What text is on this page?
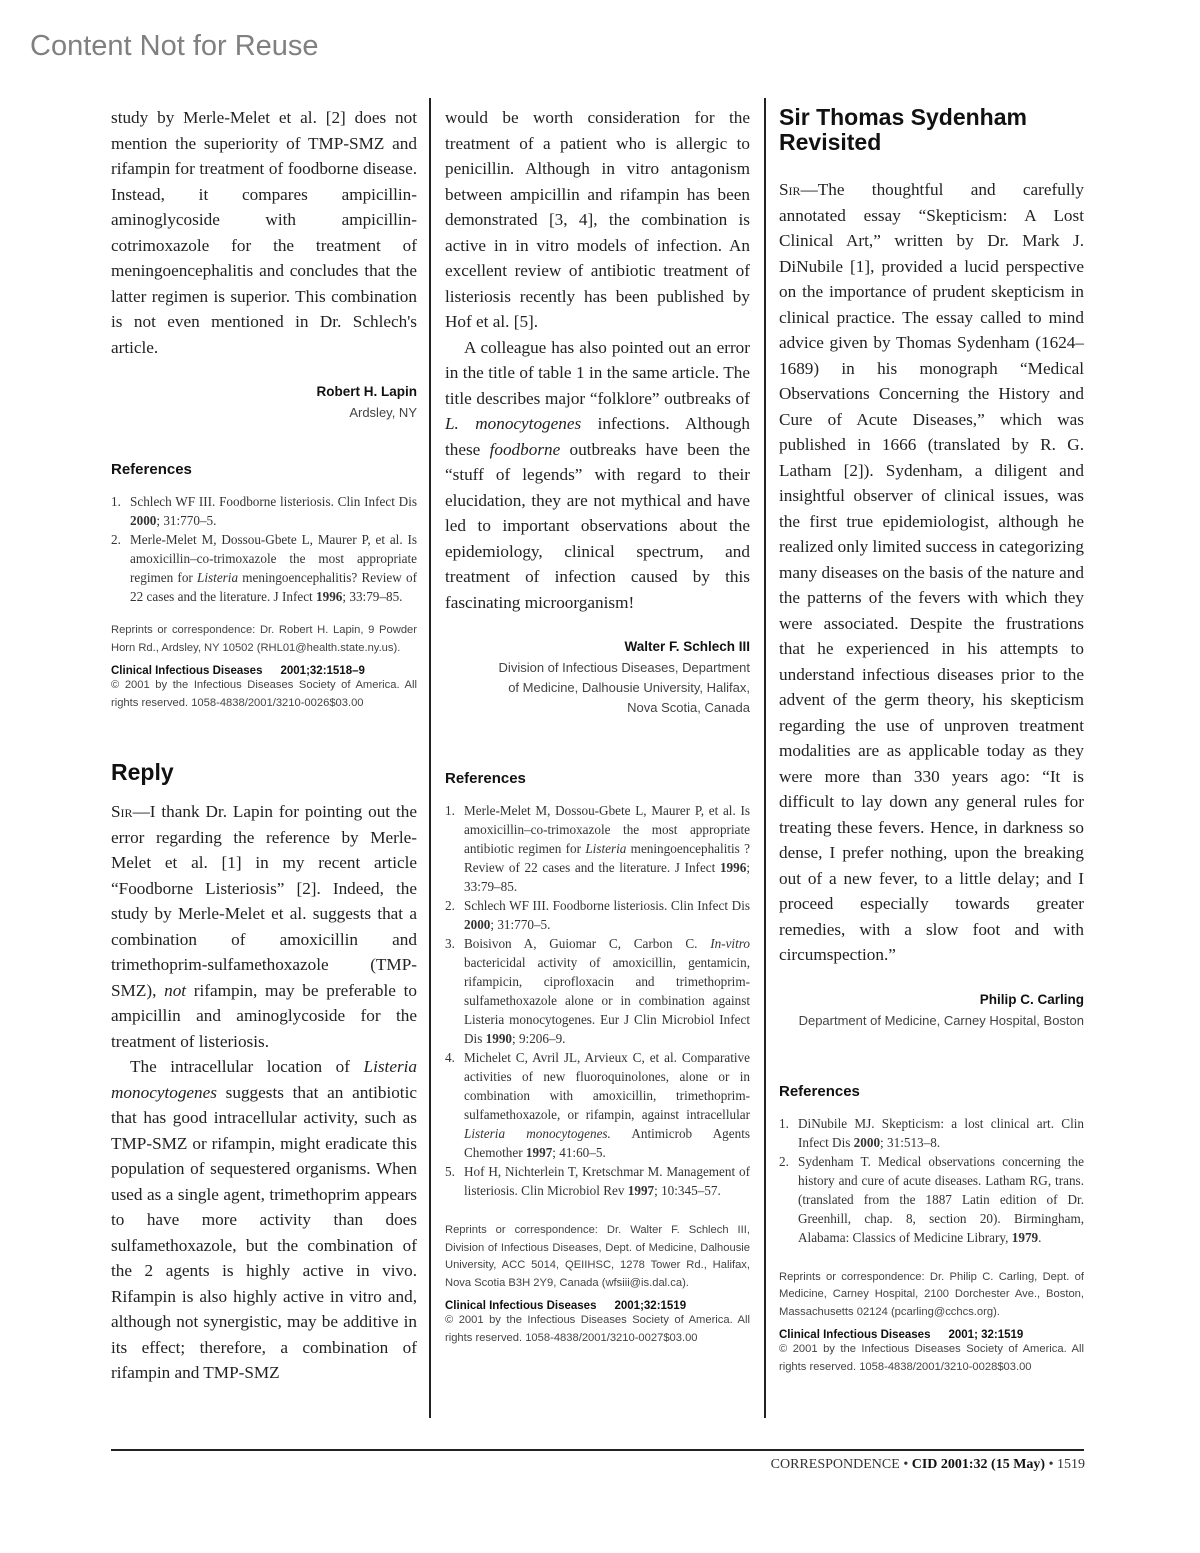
Content Not for Reuse

study by Merle-Melet et al. [2] does not mention the superiority of TMP-SMZ and rifampin for treatment of foodborne disease. Instead, it compares ampicillin-aminoglycoside with ampicillin-cotrimoxazole for the treatment of meningoencephalitis and concludes that the latter regimen is superior. This combination is not even mentioned in Dr. Schlech's article.

Robert H. Lapin

Ardsley, NY

References

1. Schlech WF III. Foodborne listeriosis. Clin Infect Dis 2000; 31:770–5.
2. Merle-Melet M, Dossou-Gbete L, Maurer P, et al. Is amoxicillin–co-trimoxazole the most appropriate regimen for Listeria meningoencephalitis? Review of 22 cases and the literature. J Infect 1996; 33:79–85.

Reprints or correspondence: Dr. Robert H. Lapin, 9 Powder Horn Rd., Ardsley, NY 10502 (RHL01@health.state.ny.us).

Clinical Infectious Diseases 2001;32:1518–9

© 2001 by the Infectious Diseases Society of America. All rights reserved. 1058-4838/2001/3210-0026$03.00

Reply

Sir—I thank Dr. Lapin for pointing out the error regarding the reference by Merle-Melet et al. [1] in my recent article “Foodborne Listeriosis” [2]. Indeed, the study by Merle-Melet et al. suggests that a combination of amoxicillin and trimethoprim-sulfamethoxazole (TMP-SMZ), not rifampin, may be preferable to ampicillin and aminoglycoside for the treatment of listeriosis.

The intracellular location of Listeria monocytogenes suggests that an antibiotic that has good intracellular activity, such as TMP-SMZ or rifampin, might eradicate this population of sequestered organisms. When used as a single agent, trimethoprim appears to have more activity than does sulfamethoxazole, but the combination of the 2 agents is highly active in vivo. Rifampin is also highly active in vitro and, although not synergistic, may be additive in its effect; therefore, a combination of rifampin and TMP-SMZ

would be worth consideration for the treatment of a patient who is allergic to penicillin. Although in vitro antagonism between ampicillin and rifampin has been demonstrated [3, 4], the combination is active in in vitro models of infection. An excellent review of antibiotic treatment of listeriosis recently has been published by Hof et al. [5].

A colleague has also pointed out an error in the title of table 1 in the same article. The title describes major “folklore” outbreaks of L. monocytogenes infections. Although these foodborne outbreaks have been the “stuff of legends” with regard to their elucidation, they are not mythical and have led to important observations about the epidemiology, clinical spectrum, and treatment of infection caused by this fascinating microorganism!

Walter F. Schlech III

Division of Infectious Diseases, Department of Medicine, Dalhousie University, Halifax, Nova Scotia, Canada

References

1. Merle-Melet M, Dossou-Gbete L, Maurer P, et al. Is amoxicillin–co-trimoxazole the most appropriate antibiotic regimen for Listeria meningoencephalitis ? Review of 22 cases and the literature. J Infect 1996; 33:79–85.
2. Schlech WF III. Foodborne listeriosis. Clin Infect Dis 2000; 31:770–5.
3. Boisivon A, Guiomar C, Carbon C. In-vitro bactericidal activity of amoxicillin, gentamicin, rifampicin, ciprofloxacin and trimethoprim-sulfamethoxazole alone or in combination against Listeria monocytogenes. Eur J Clin Microbiol Infect Dis 1990; 9:206–9.
4. Michelet C, Avril JL, Arvieux C, et al. Comparative activities of new fluoroquinolones, alone or in combination with amoxicillin, trimethoprim-sulfamethoxazole, or rifampin, against intracellular Listeria monocytogenes. Antimicrob Agents Chemother 1997; 41:60–5.
5. Hof H, Nichterlein T, Kretschmar M. Management of listeriosis. Clin Microbiol Rev 1997; 10:345–57.

Reprints or correspondence: Dr. Walter F. Schlech III, Division of Infectious Diseases, Dept. of Medicine, Dalhousie University, ACC 5014, QEIIHSC, 1278 Tower Rd., Halifax, Nova Scotia B3H 2Y9, Canada (wfsiii@is.dal.ca).

Clinical Infectious Diseases 2001;32:1519

© 2001 by the Infectious Diseases Society of America. All rights reserved. 1058-4838/2001/3210-0027$03.00

Sir Thomas Sydenham Revisited

Sir—The thoughtful and carefully annotated essay “Skepticism: A Lost Clinical Art,” written by Dr. Mark J. DiNubile [1], provided a lucid perspective on the importance of prudent skepticism in clinical practice. The essay called to mind advice given by Thomas Sydenham (1624–1689) in his monograph “Medical Observations Concerning the History and Cure of Acute Diseases,” which was published in 1666 (translated by R. G. Latham [2]). Sydenham, a diligent and insightful observer of clinical issues, was the first true epidemiologist, although he realized only limited success in categorizing many diseases on the basis of the nature and the patterns of the fevers with which they were associated. Despite the frustrations that he experienced in his attempts to understand infectious diseases prior to the advent of the germ theory, his skepticism regarding the use of unproven treatment modalities are as applicable today as they were more than 330 years ago: “It is difficult to lay down any general rules for treating these fevers. Hence, in darkness so dense, I prefer nothing, upon the breaking out of a new fever, to a little delay; and I proceed especially towards greater remedies, with a slow foot and with circumspection.”

Philip C. Carling

Department of Medicine, Carney Hospital, Boston

References

1. DiNubile MJ. Skepticism: a lost clinical art. Clin Infect Dis 2000; 31:513–8.
2. Sydenham T. Medical observations concerning the history and cure of acute diseases. Latham RG, trans. (translated from the 1887 Latin edition of Dr. Greenhill, chap. 8, section 20). Birmingham, Alabama: Classics of Medicine Library, 1979.

Reprints or correspondence: Dr. Philip C. Carling, Dept. of Medicine, Carney Hospital, 2100 Dorchester Ave., Boston, Massachusetts 02124 (pcarling@cchcs.org).

Clinical Infectious Diseases 2001; 32:1519

© 2001 by the Infectious Diseases Society of America. All rights reserved. 1058-4838/2001/3210-0028$03.00

CORRESPONDENCE • CID 2001:32 (15 May) • 1519
